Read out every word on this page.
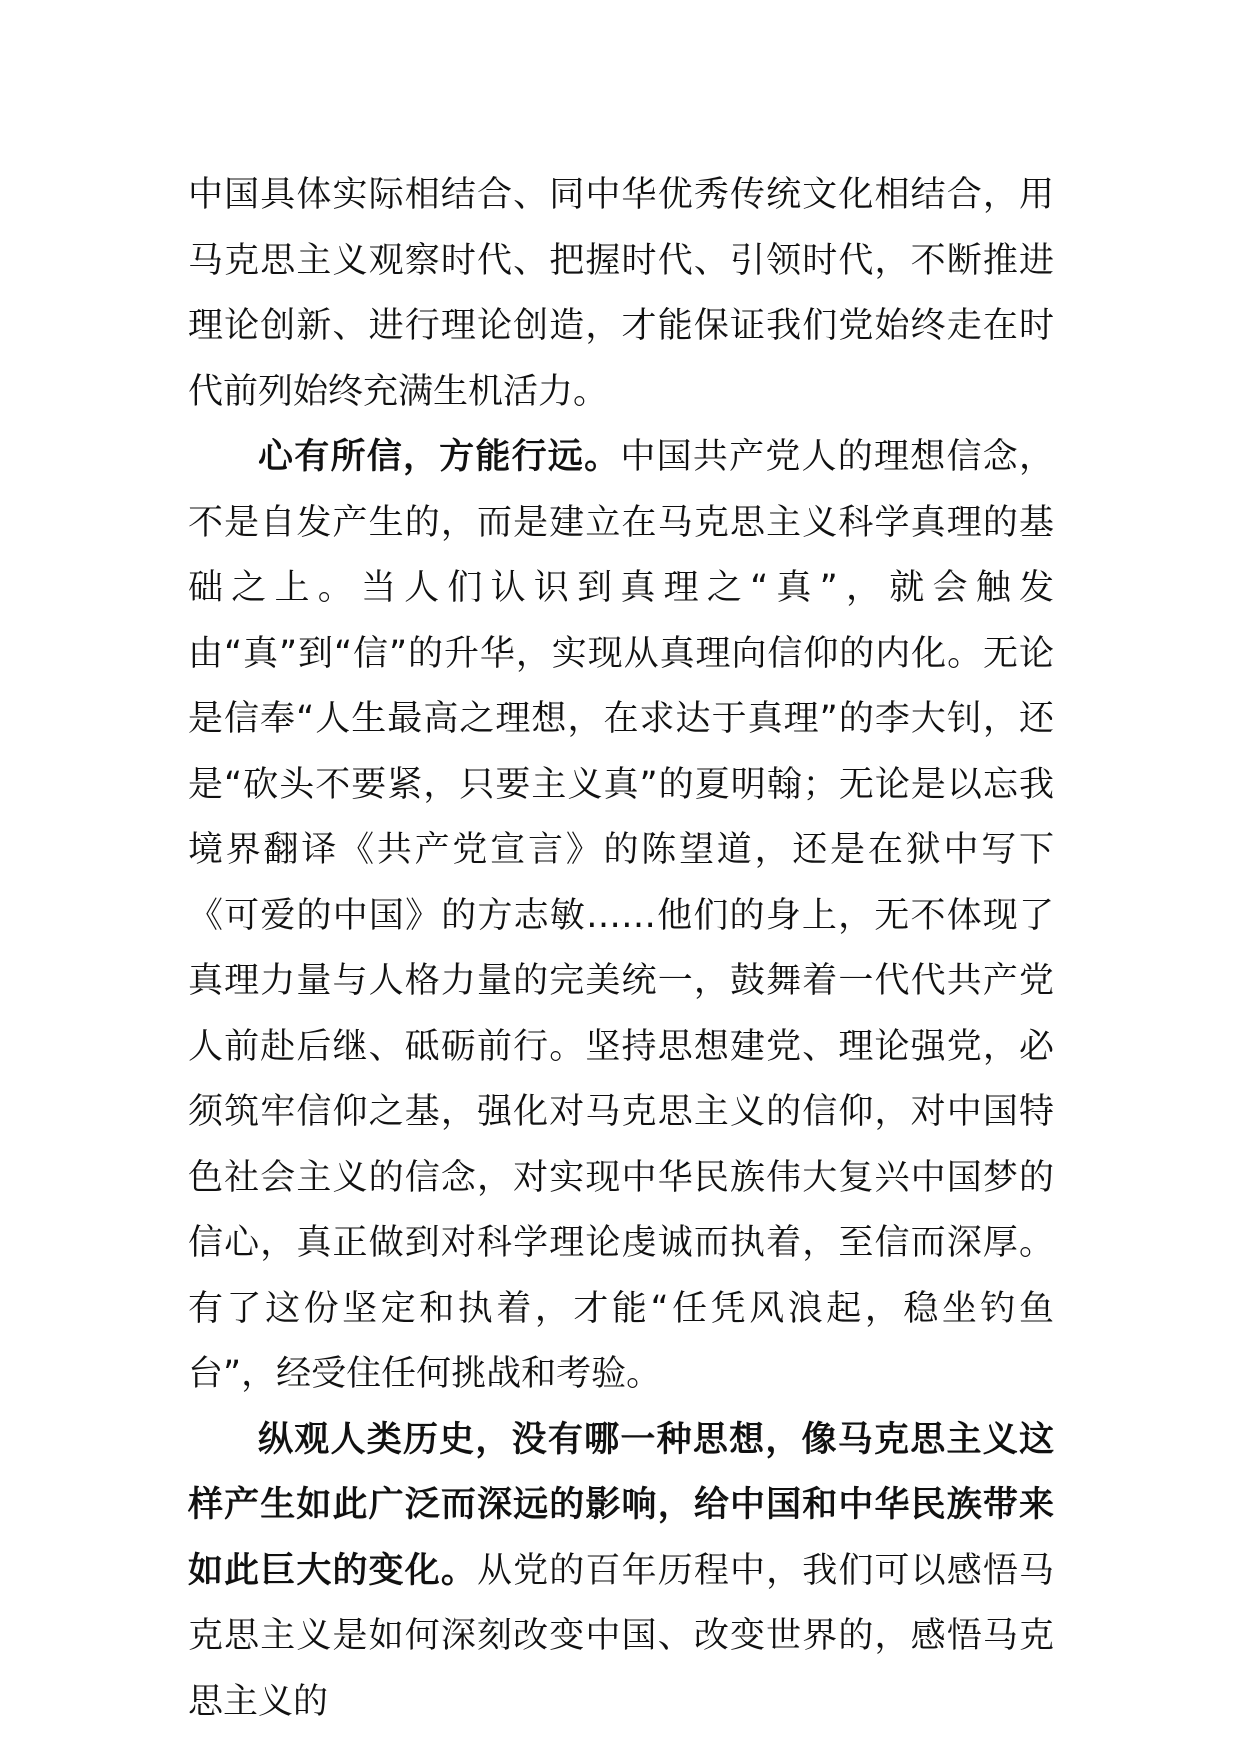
中国具体实际相结合、同中华优秀传统文化相结合，用马克思主义观察时代、把握时代、引领时代，不断推进理论创新、进行理论创造，才能保证我们党始终走在时代前列始终充满生机活力。

心有所信，方能行远。中国共产党人的理想信念，不是自发产生的，而是建立在马克思主义科学真理的基础之上。当人们认识到真理之“真”，就会触发由“真”到“信”的升华，实现从真理向信仰的内化。无论是信奉“人生最高之理想，在求达于真理”的李大钊，还是“砍头不要紧，只要主义真”的夏明翰；无论是以忘我境界翻译《共产党宣言》的陈望道，还是在狱中写下《可爱的中国》的方志敏……他们的身上，无不体现了真理力量与人格力量的完美统一，鼓舞着一代代共产党人前赴后继、砥砺前行。坚持思想建党、理论强党，必须筑牢信仰之基，强化对马克思主义的信仰，对中国特色社会主义的信念，对实现中华民族伟大复兴中国梦的信心，真正做到对科学理论虔诚而执着，至信而深厚。有了这份坚定和执着，才能“任凭风浪起，稳坐钓鱼台”，经受住任何挑战和考验。

纵观人类历史，没有哪一种思想，像马克思主义这样产生如此广泛而深远的影响，给中国和中华民族带来如此巨大的变化。从党的百年历程中，我们可以感悟马克思主义是如何深刻改变中国、改变世界的，感悟马克思主义的
